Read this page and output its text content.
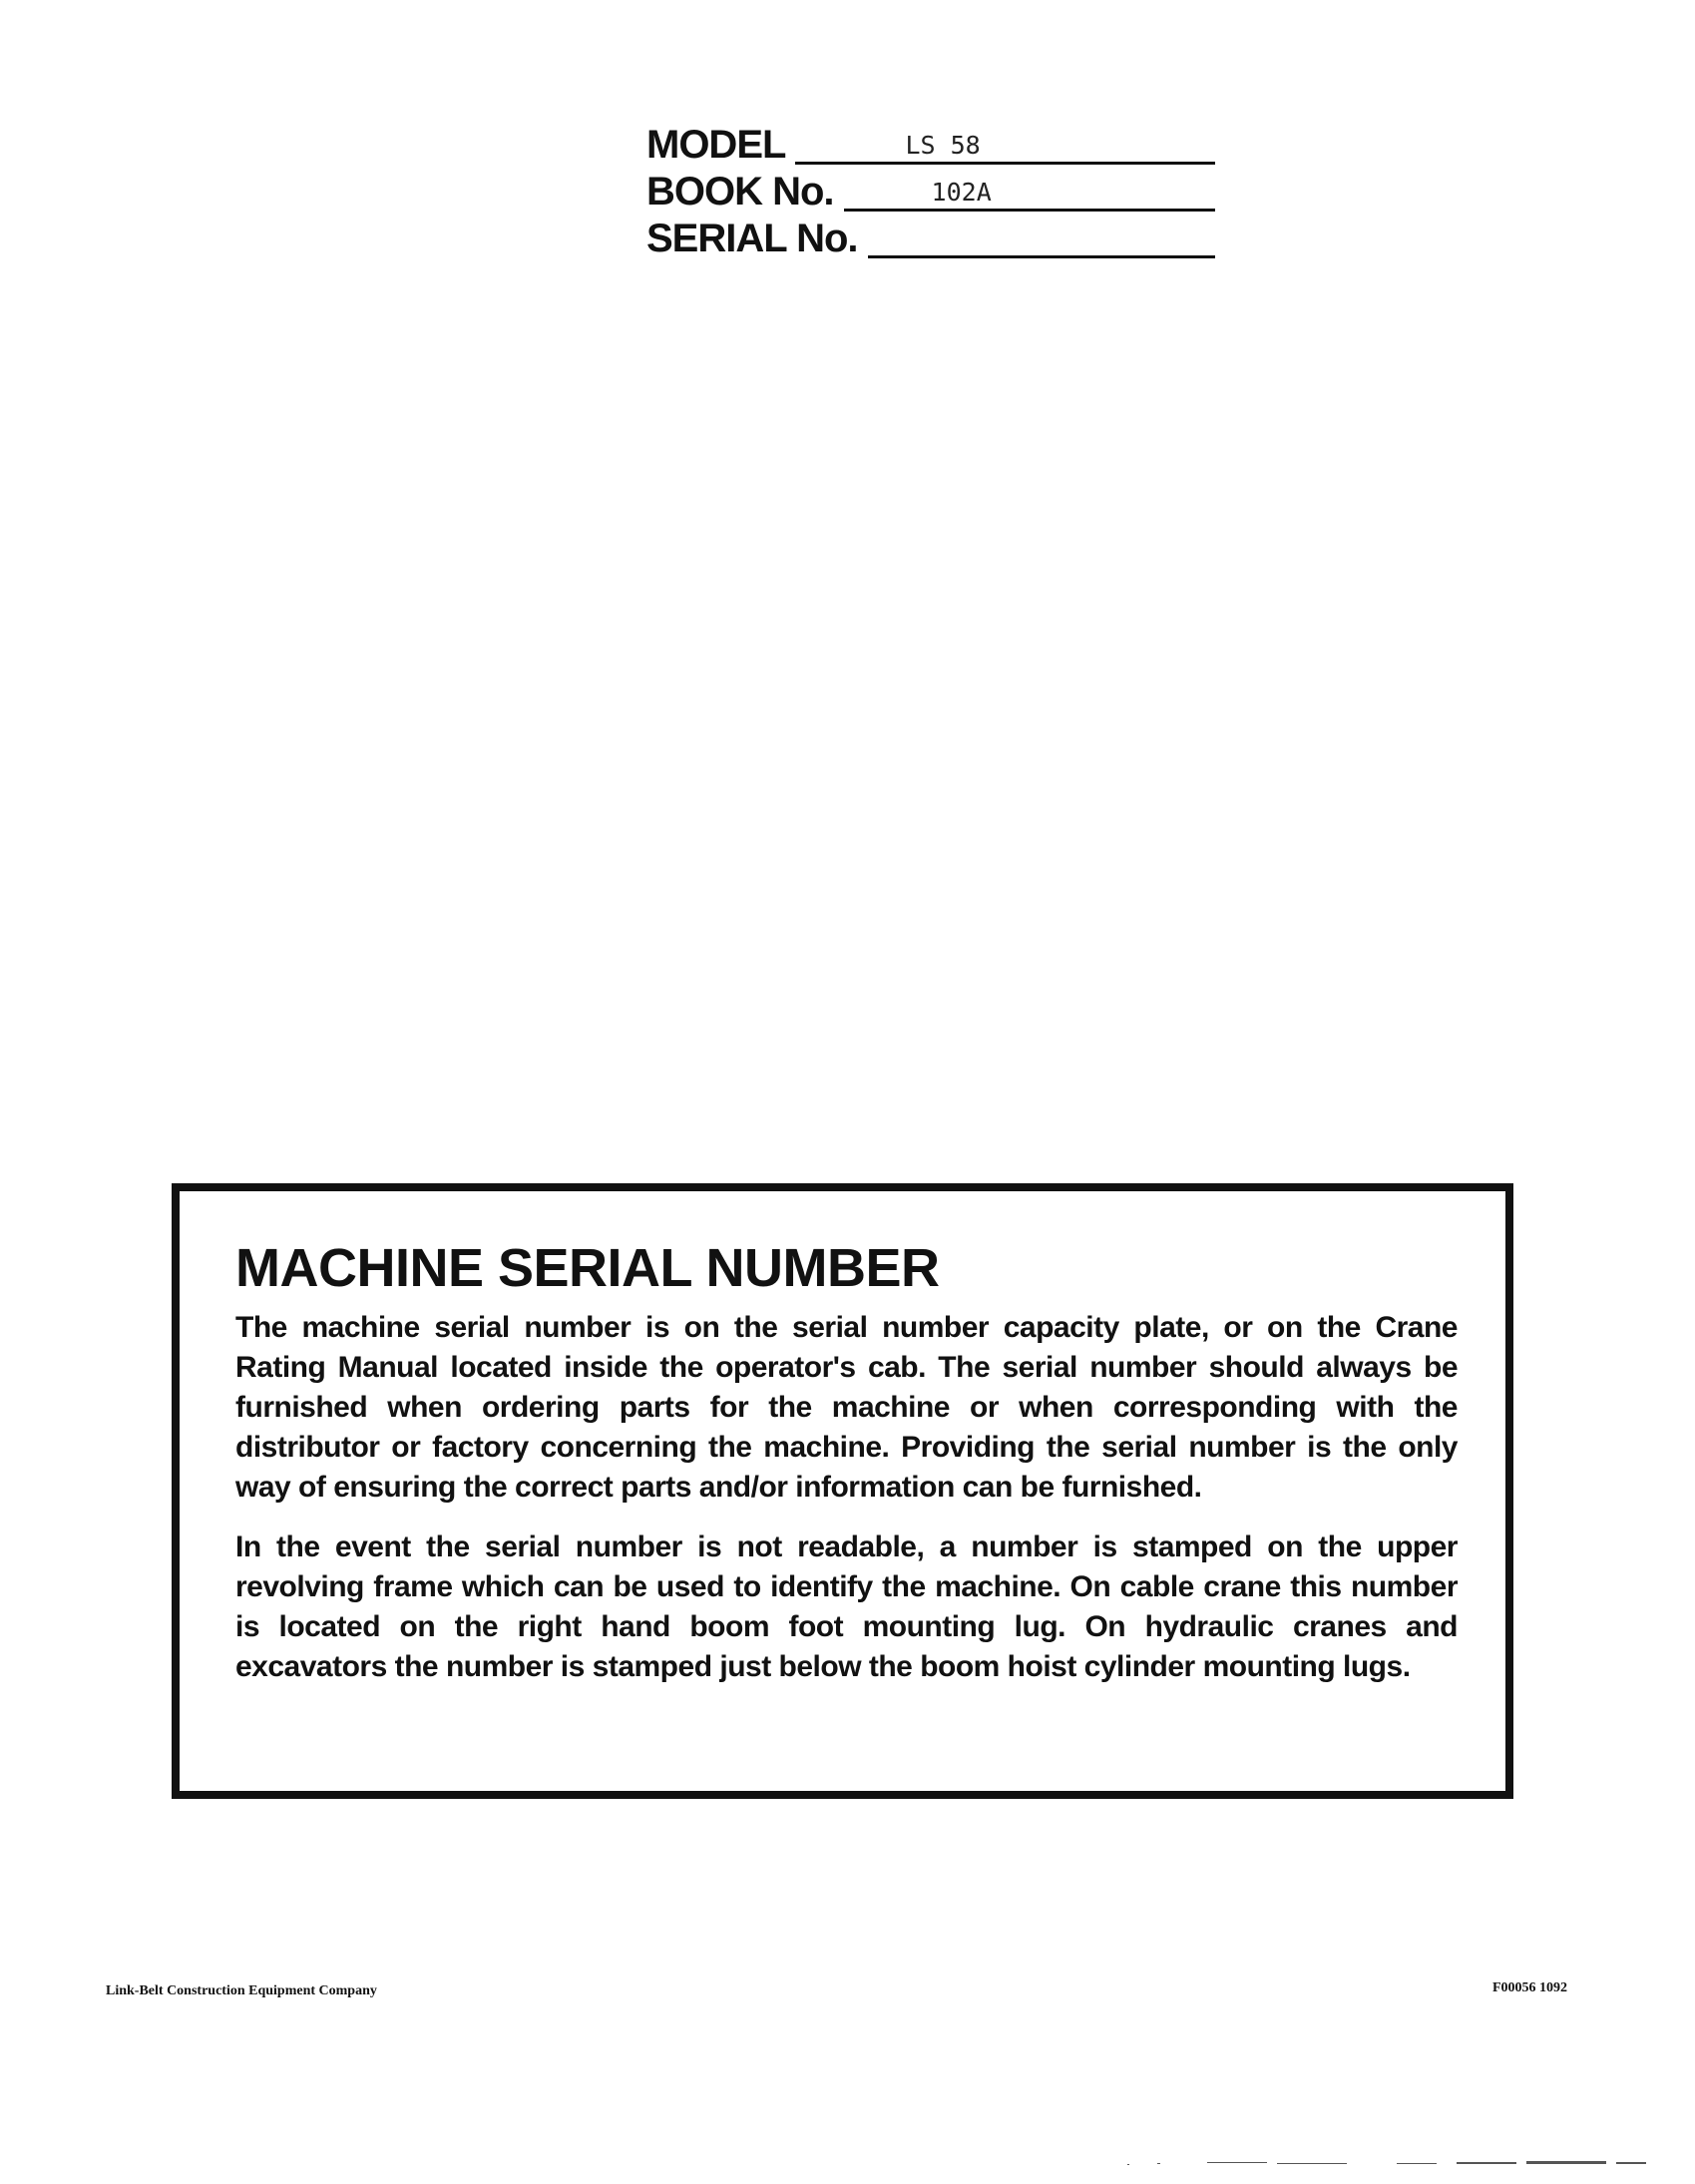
MODEL	LS 58
BOOK No.	102A
SERIAL No.
MACHINE SERIAL NUMBER

The machine serial number is on the serial number capacity plate, or on the Crane Rating Manual located inside the operator's cab. The serial number should always be furnished when ordering parts for the machine or when corresponding with the distributor or factory concerning the machine. Providing the serial number is the only way of ensuring the correct parts and/or information can be furnished.

In the event the serial number is not readable, a number is stamped on the upper revolving frame which can be used to identify the machine. On cable crane this number is located on the right hand boom foot mounting lug. On hydraulic cranes and excavators the number is stamped just below the boom hoist cylinder mounting lugs.

Link-Belt Construction Equipment Company	F00056 1092
